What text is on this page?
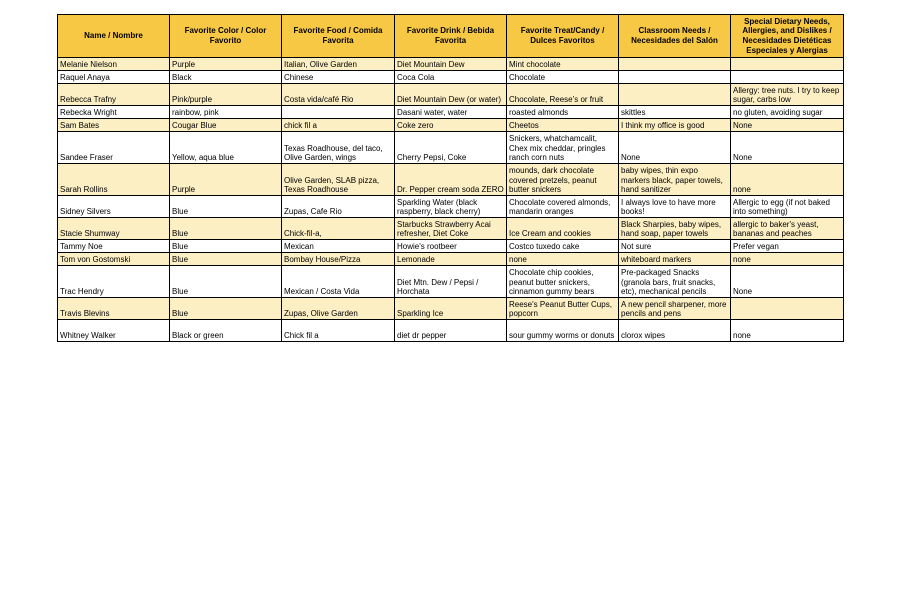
Name / Nombre	Favorite Color / Color Favorito	Favorite Food / Comida Favorita	Favorite Drink / Bebida Favorita	Favorite Treat/Candy / Dulces Favoritos	Classroom Needs / Necesidades del Salón	Special Dietary Needs, Allergies, and Dislikes / Necesidades Dietéticas Especiales y Alergias
Melanie Nielson	Purple	Italian, Olive Garden	Diet Mountain Dew	Mint chocolate		
Raquel Anaya	Black	Chinese	Coca Cola	Chocolate		
Rebecca Trafny	Pink/purple	Costa vida/café Rio	Diet Mountain Dew (or water)	Chocolate, Reese’s or fruit		Allergy: tree nuts. I try to keep sugar, carbs low
Rebecka Wright	rainbow, pink		Dasani water, water	roasted almonds	skittles	no gluten, avoiding sugar
Sam Bates	Cougar Blue	chick fil a	Coke zero	Cheetos	I think my office is good	None
Sandee Fraser	Yellow, aqua blue	Texas Roadhouse, del taco, Olive Garden, wings	Cherry Pepsi, Coke	Snickers, whatchamcalit, Chex mix cheddar, pringles ranch corn nuts	None	None
Sarah Rollins	Purple	Olive Garden, SLAB pizza, Texas Roadhouse	Dr. Pepper cream soda ZERO	mounds, dark chocolate covered pretzels, peanut butter snickers	baby wipes, thin expo markers black, paper towels, hand sanitizer	none
Sidney Silvers	Blue	Zupas, Cafe Rio	Sparkling Water (black raspberry, black cherry)	Chocolate covered almonds, mandarin oranges	I always love to have more books!	Allergic to egg (if not baked into something)
Stacie Shumway	Blue	Chick-fil-a,	Starbucks Strawberry Acai refresher, Diet Coke	Ice Cream and cookies	Black Sharpies, baby wipes, hand soap, paper towels	allergic to baker's yeast, bananas and peaches
Tammy Noe	Blue	Mexican	Howie's rootbeer	Costco tuxedo cake	Not sure	Prefer vegan
Tom von Gostomski	Blue	Bombay House/Pizza	Lemonade	none	whiteboard markers	none
Trac Hendry	Blue	Mexican / Costa Vida	Diet Mtn. Dew / Pepsi / Horchata	Chocolate chip cookies, peanut butter snickers, cinnamon gummy bears	Pre-packaged Snacks (granola bars, fruit snacks, etc), mechanical pencils	None
Travis Blevins	Blue	Zupas, Olive Garden	Sparkling Ice	Reese's Peanut Butter Cups, popcorn	A new pencil sharpener, more pencils and pens	
Whitney Walker	Black or green	Chick fil a	diet dr pepper	sour gummy worms or donuts	clorox wipes	none
